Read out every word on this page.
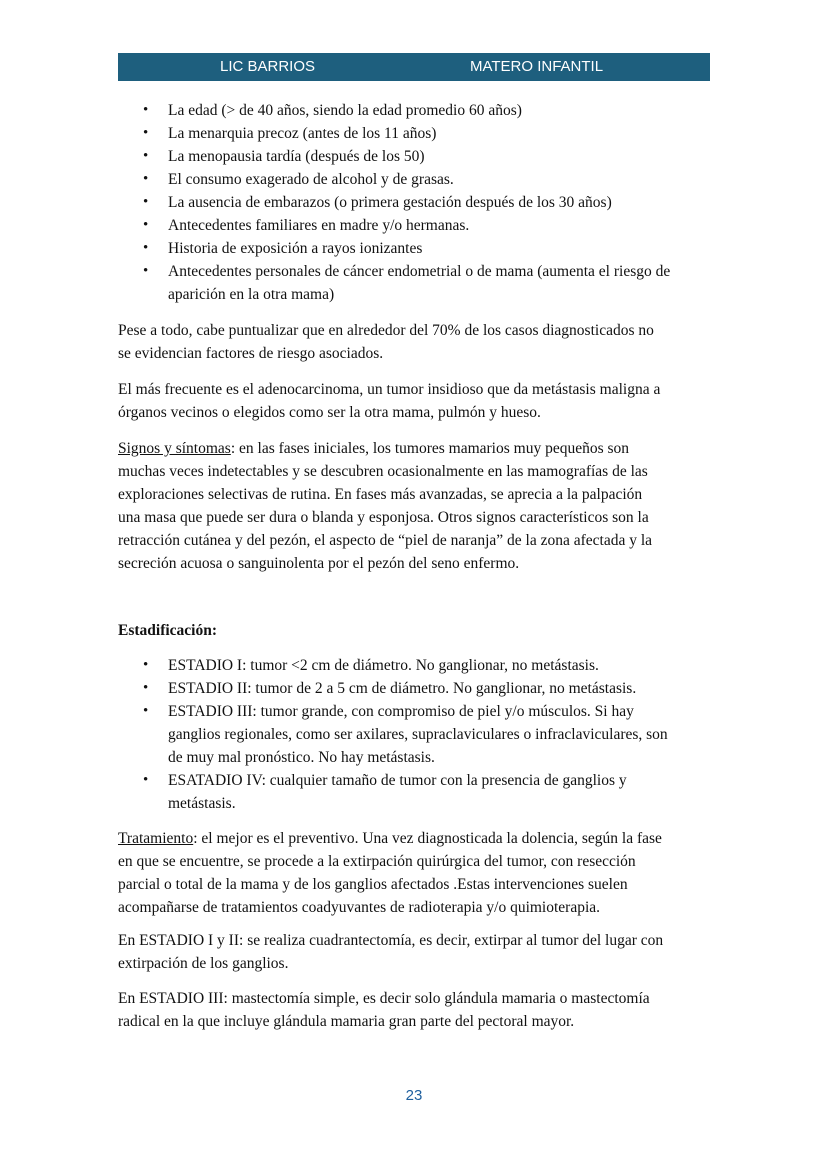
LIC BARRIOS	MATERO INFANTIL
• La edad (> de 40 años, siendo la edad promedio 60 años)
• La menarquia precoz (antes de los 11 años)
• La menopausia tardía (después de los 50)
• El consumo exagerado de alcohol y de grasas.
• La ausencia de embarazos (o primera gestación después de los 30 años)
• Antecedentes familiares en madre y/o hermanas.
• Historia de exposición a rayos ionizantes
• Antecedentes personales de cáncer endometrial o de mama (aumenta el riesgo de
aparición en la otra mama)
Pese a todo, cabe puntualizar que en alrededor del 70% de los casos diagnosticados no
se evidencian factores de riesgo asociados.
El más frecuente es el adenocarcinoma, un tumor insidioso que da metástasis maligna a
órganos vecinos o elegidos como ser la otra mama, pulmón y hueso.
Signos y síntomas: en las fases iniciales, los tumores mamarios muy pequeños son
muchas veces indetectables y se descubren ocasionalmente en las mamografías de las
exploraciones selectivas de rutina. En fases más avanzadas, se aprecia a la palpación
una masa que puede ser dura o blanda y esponjosa. Otros signos característicos son la
retracción cutánea y del pezón, el aspecto de “piel de naranja” de la zona afectada y la
secreción acuosa o sanguinolenta por el pezón del seno enfermo.
Estadificación:
• ESTADIO I: tumor <2 cm de diámetro. No ganglionar, no metástasis.
• ESTADIO II: tumor de 2 a 5 cm de diámetro. No ganglionar, no metástasis.
• ESTADIO III: tumor grande, con compromiso de piel y/o músculos. Si hay
ganglios regionales, como ser axilares, supraclaviculares o infraclaviculares, son
de muy mal pronóstico. No hay metástasis.
• ESATADIO IV: cualquier tamaño de tumor con la presencia de ganglios y
metástasis.
Tratamiento: el mejor es el preventivo. Una vez diagnosticada la dolencia, según la fase
en que se encuentre, se procede a la extirpación quirúrgica del tumor, con resección
parcial o total de la mama y de los ganglios afectados .Estas intervenciones suelen
acompañarse de tratamientos coadyuvantes de radioterapia y/o quimioterapia.
En ESTADIO I y II: se realiza cuadrantectomía, es decir, extirpar al tumor del lugar con
extirpación de los ganglios.
En ESTADIO III: mastectomía simple, es decir solo glándula mamaria o mastectomía
radical en la que incluye glándula mamaria gran parte del pectoral mayor.
23
